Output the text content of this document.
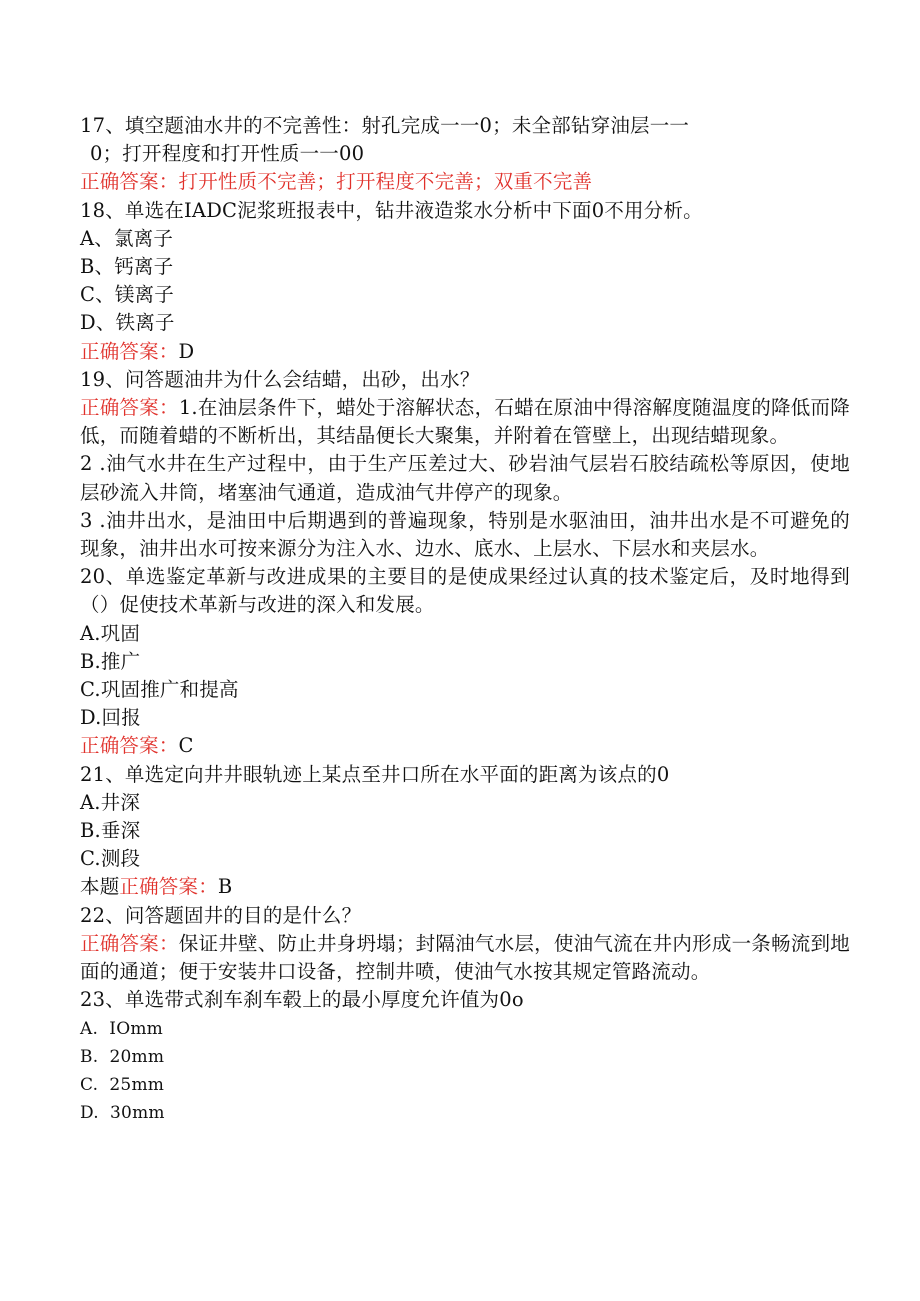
17、填空题油水井的不完善性：射孔完成一一0；未全部钻穿油层一一
0；打开程度和打开性质一一00
正确答案：打开性质不完善；打开程度不完善；双重不完善
18、单选在IADC泥浆班报表中，钻井液造浆水分析中下面0不用分析。
A、氯离子
B、钙离子
C、镁离子
D、铁离子
正确答案：D
19、问答题油井为什么会结蜡，出砂，出水？
正确答案：1.在油层条件下，蜡处于溶解状态，石蜡在原油中得溶解度随温度的降低而降低，而随着蜡的不断析出，其结晶便长大聚集，并附着在管壁上，出现结蜡现象。
2 .油气水井在生产过程中，由于生产压差过大、砂岩油气层岩石胶结疏松等原因，使地层砂流入井筒，堵塞油气通道，造成油气井停产的现象。
3 .油井出水，是油田中后期遇到的普遍现象，特别是水驱油田，油井出水是不可避免的现象，油井出水可按来源分为注入水、边水、底水、上层水、下层水和夹层水。
20、单选鉴定革新与改进成果的主要目的是使成果经过认真的技术鉴定后，及时地得到（）促使技术革新与改进的深入和发展。
A.巩固
B.推广
C.巩固推广和提高
D.回报
正确答案：C
21、单选定向井井眼轨迹上某点至井口所在水平面的距离为该点的0
A.井深
B.垂深
C.测段
本题正确答案：B
22、问答题固井的目的是什么？
正确答案：保证井壁、防止井身坍塌；封隔油气水层，使油气流在井内形成一条畅流到地面的通道；便于安装井口设备，控制井喷，使油气水按其规定管路流动。
23、单选带式刹车刹车毂上的最小厚度允许值为0o
A.  IOmm
B.  20mm
C.  25mm
D.  30mm
